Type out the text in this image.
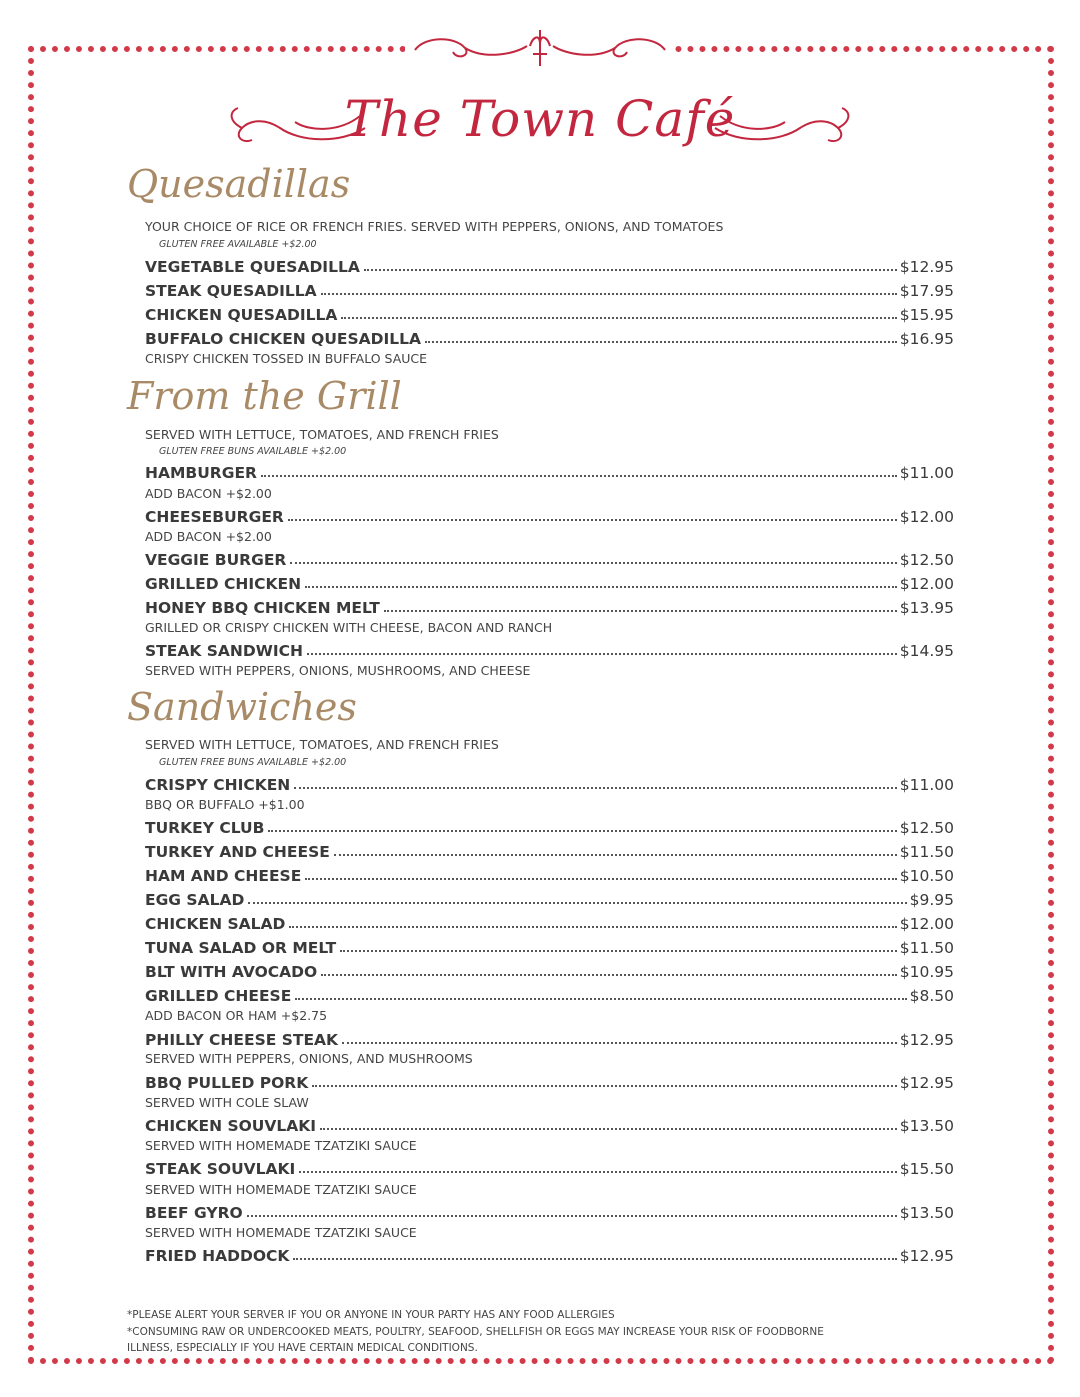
The Town Café
Quesadillas
YOUR CHOICE OF RICE OR FRENCH FRIES. SERVED WITH PEPPERS, ONIONS, AND TOMATOES
GLUTEN FREE AVAILABLE +$2.00
VEGETABLE QUESADILLA	$12.95
STEAK QUESADILLA	$17.95
CHICKEN QUESADILLA	$15.95
BUFFALO CHICKEN QUESADILLA	$16.95
CRISPY CHICKEN TOSSED IN BUFFALO SAUCE
From the Grill
SERVED WITH LETTUCE, TOMATOES, AND FRENCH FRIES
GLUTEN FREE BUNS AVAILABLE +$2.00
HAMBURGER	$11.00
ADD BACON +$2.00
CHEESEBURGER	$12.00
ADD BACON +$2.00
VEGGIE BURGER	$12.50
GRILLED CHICKEN	$12.00
HONEY BBQ CHICKEN MELT	$13.95
GRILLED OR CRISPY CHICKEN WITH CHEESE, BACON AND RANCH
STEAK SANDWICH	$14.95
SERVED WITH PEPPERS, ONIONS, MUSHROOMS, AND CHEESE
Sandwiches
SERVED WITH LETTUCE, TOMATOES, AND FRENCH FRIES
GLUTEN FREE BUNS AVAILABLE +$2.00
CRISPY CHICKEN	$11.00
BBQ OR BUFFALO +$1.00
TURKEY CLUB	$12.50
TURKEY AND CHEESE	$11.50
HAM AND CHEESE	$10.50
EGG SALAD	$9.95
CHICKEN SALAD	$12.00
TUNA SALAD OR MELT	$11.50
BLT WITH AVOCADO	$10.95
GRILLED CHEESE	$8.50
ADD BACON OR HAM +$2.75
PHILLY CHEESE STEAK	$12.95
SERVED WITH PEPPERS, ONIONS, AND MUSHROOMS
BBQ PULLED PORK	$12.95
SERVED WITH COLE SLAW
CHICKEN SOUVLAKI	$13.50
SERVED WITH HOMEMADE TZATZIKI SAUCE
STEAK SOUVLAKI	$15.50
SERVED WITH HOMEMADE TZATZIKI SAUCE
BEEF GYRO	$13.50
SERVED WITH HOMEMADE TZATZIKI SAUCE
FRIED HADDOCK	$12.95
*PLEASE ALERT YOUR SERVER IF YOU OR ANYONE IN YOUR PARTY HAS ANY FOOD ALLERGIES
*CONSUMING RAW OR UNDERCOOKED MEATS, POULTRY, SEAFOOD, SHELLFISH OR EGGS MAY INCREASE YOUR RISK OF FOODBORNE
ILLNESS, ESPECIALLY IF YOU HAVE CERTAIN MEDICAL CONDITIONS.
